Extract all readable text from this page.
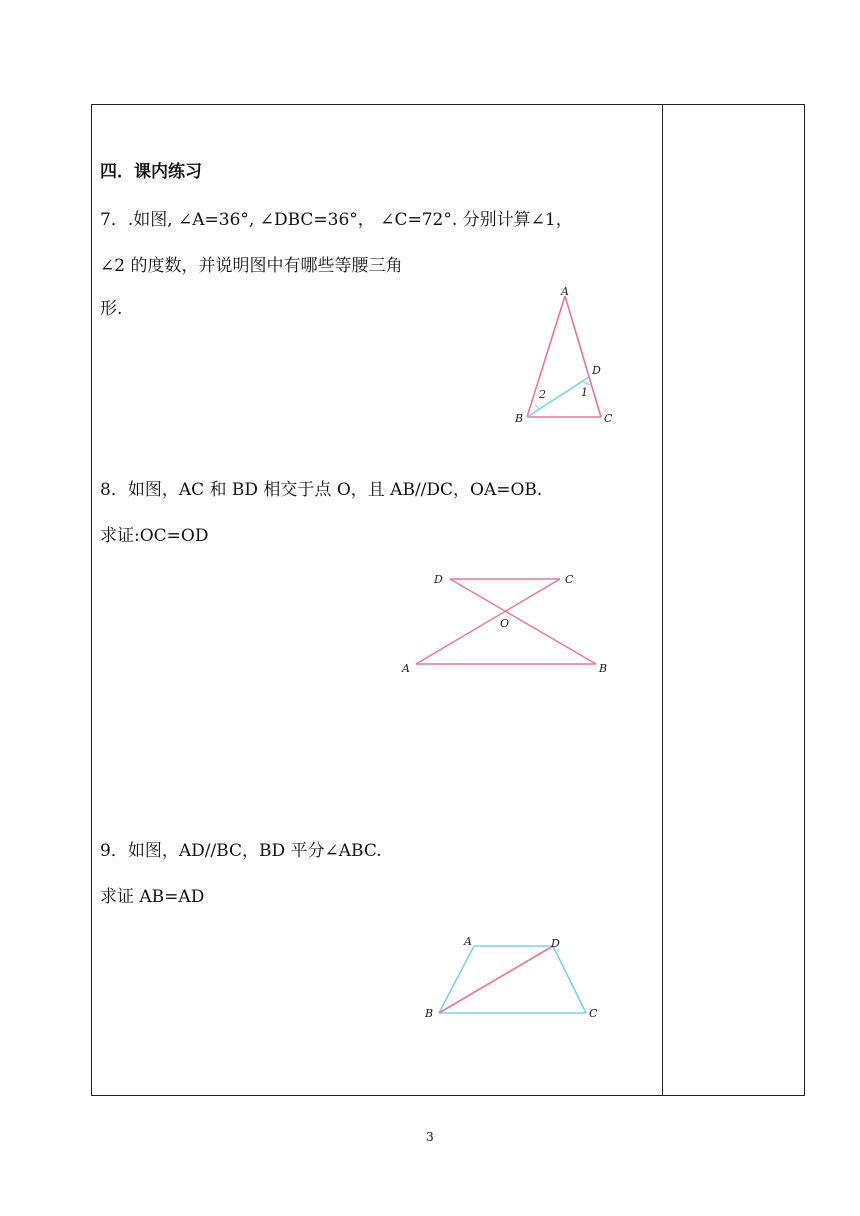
四．课内练习
7．.如图, ∠A=36°, ∠DBC=36°， ∠C=72°. 分别计算∠1，
∠2 的度数，并说明图中有哪些等腰三角
形.
A
B	C
D
1
2
8．如图，AC 和 BD 相交于点 O，且 AB//DC，OA=OB.
求证:OC=OD
D	C
O
A	B
9．如图，AD//BC，BD 平分∠ABC.
求证 AB=AD
A	D
B	C
3
